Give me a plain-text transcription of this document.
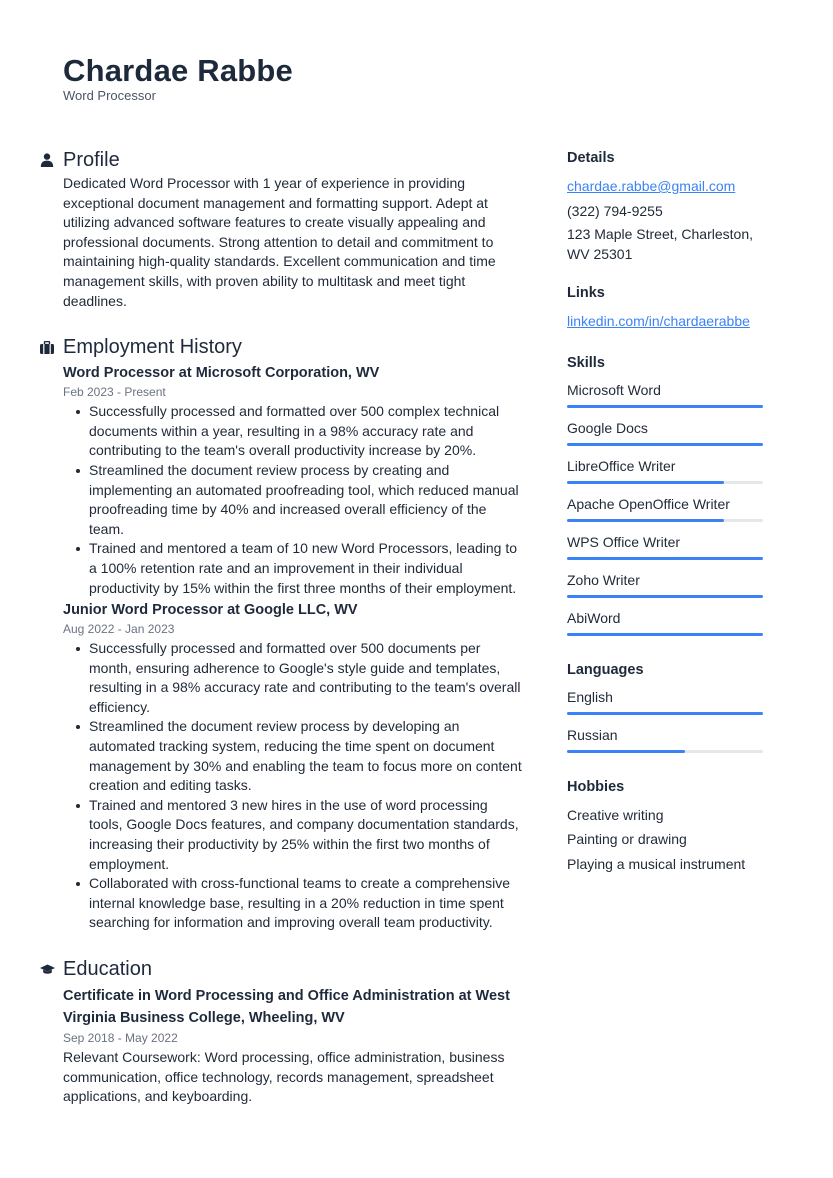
Chardae Rabbe
Word Processor
Profile

Dedicated Word Processor with 1 year of experience in providing exceptional document management and formatting support. Adept at utilizing advanced software features to create visually appealing and professional documents. Strong attention to detail and commitment to maintaining high-quality standards. Excellent communication and time management skills, with proven ability to multitask and meet tight deadlines.

Employment History
Word Processor at Microsoft Corporation, WV
Feb 2023 - Present
Successfully processed and formatted over 500 complex technical documents within a year, resulting in a 98% accuracy rate and contributing to the team's overall productivity increase by 20%.
Streamlined the document review process by creating and implementing an automated proofreading tool, which reduced manual proofreading time by 40% and increased overall efficiency of the team.
Trained and mentored a team of 10 new Word Processors, leading to a 100% retention rate and an improvement in their individual productivity by 15% within the first three months of their employment.
Junior Word Processor at Google LLC, WV
Aug 2022 - Jan 2023
Successfully processed and formatted over 500 documents per month, ensuring adherence to Google's style guide and templates, resulting in a 98% accuracy rate and contributing to the team's overall efficiency.
Streamlined the document review process by developing an automated tracking system, reducing the time spent on document management by 30% and enabling the team to focus more on content creation and editing tasks.
Trained and mentored 3 new hires in the use of word processing tools, Google Docs features, and company documentation standards, increasing their productivity by 25% within the first two months of employment.
Collaborated with cross-functional teams to create a comprehensive internal knowledge base, resulting in a 20% reduction in time spent searching for information and improving overall team productivity.
Education
Certificate in Word Processing and Office Administration at West Virginia Business College, Wheeling, WV
Sep 2018 - May 2022

Relevant Coursework: Word processing, office administration, business communication, office technology, records management, spreadsheet applications, and keyboarding.

Details
chardae.rabbe@gmail.com
(322) 794-9255
123 Maple Street, Charleston, WV 25301
Links
linkedin.com/in/chardaerabbe
Skills
Microsoft Word
Google Docs
LibreOffice Writer
Apache OpenOffice Writer
WPS Office Writer
Zoho Writer
AbiWord
Languages
English
Russian
Hobbies
Creative writing
Painting or drawing
Playing a musical instrument
